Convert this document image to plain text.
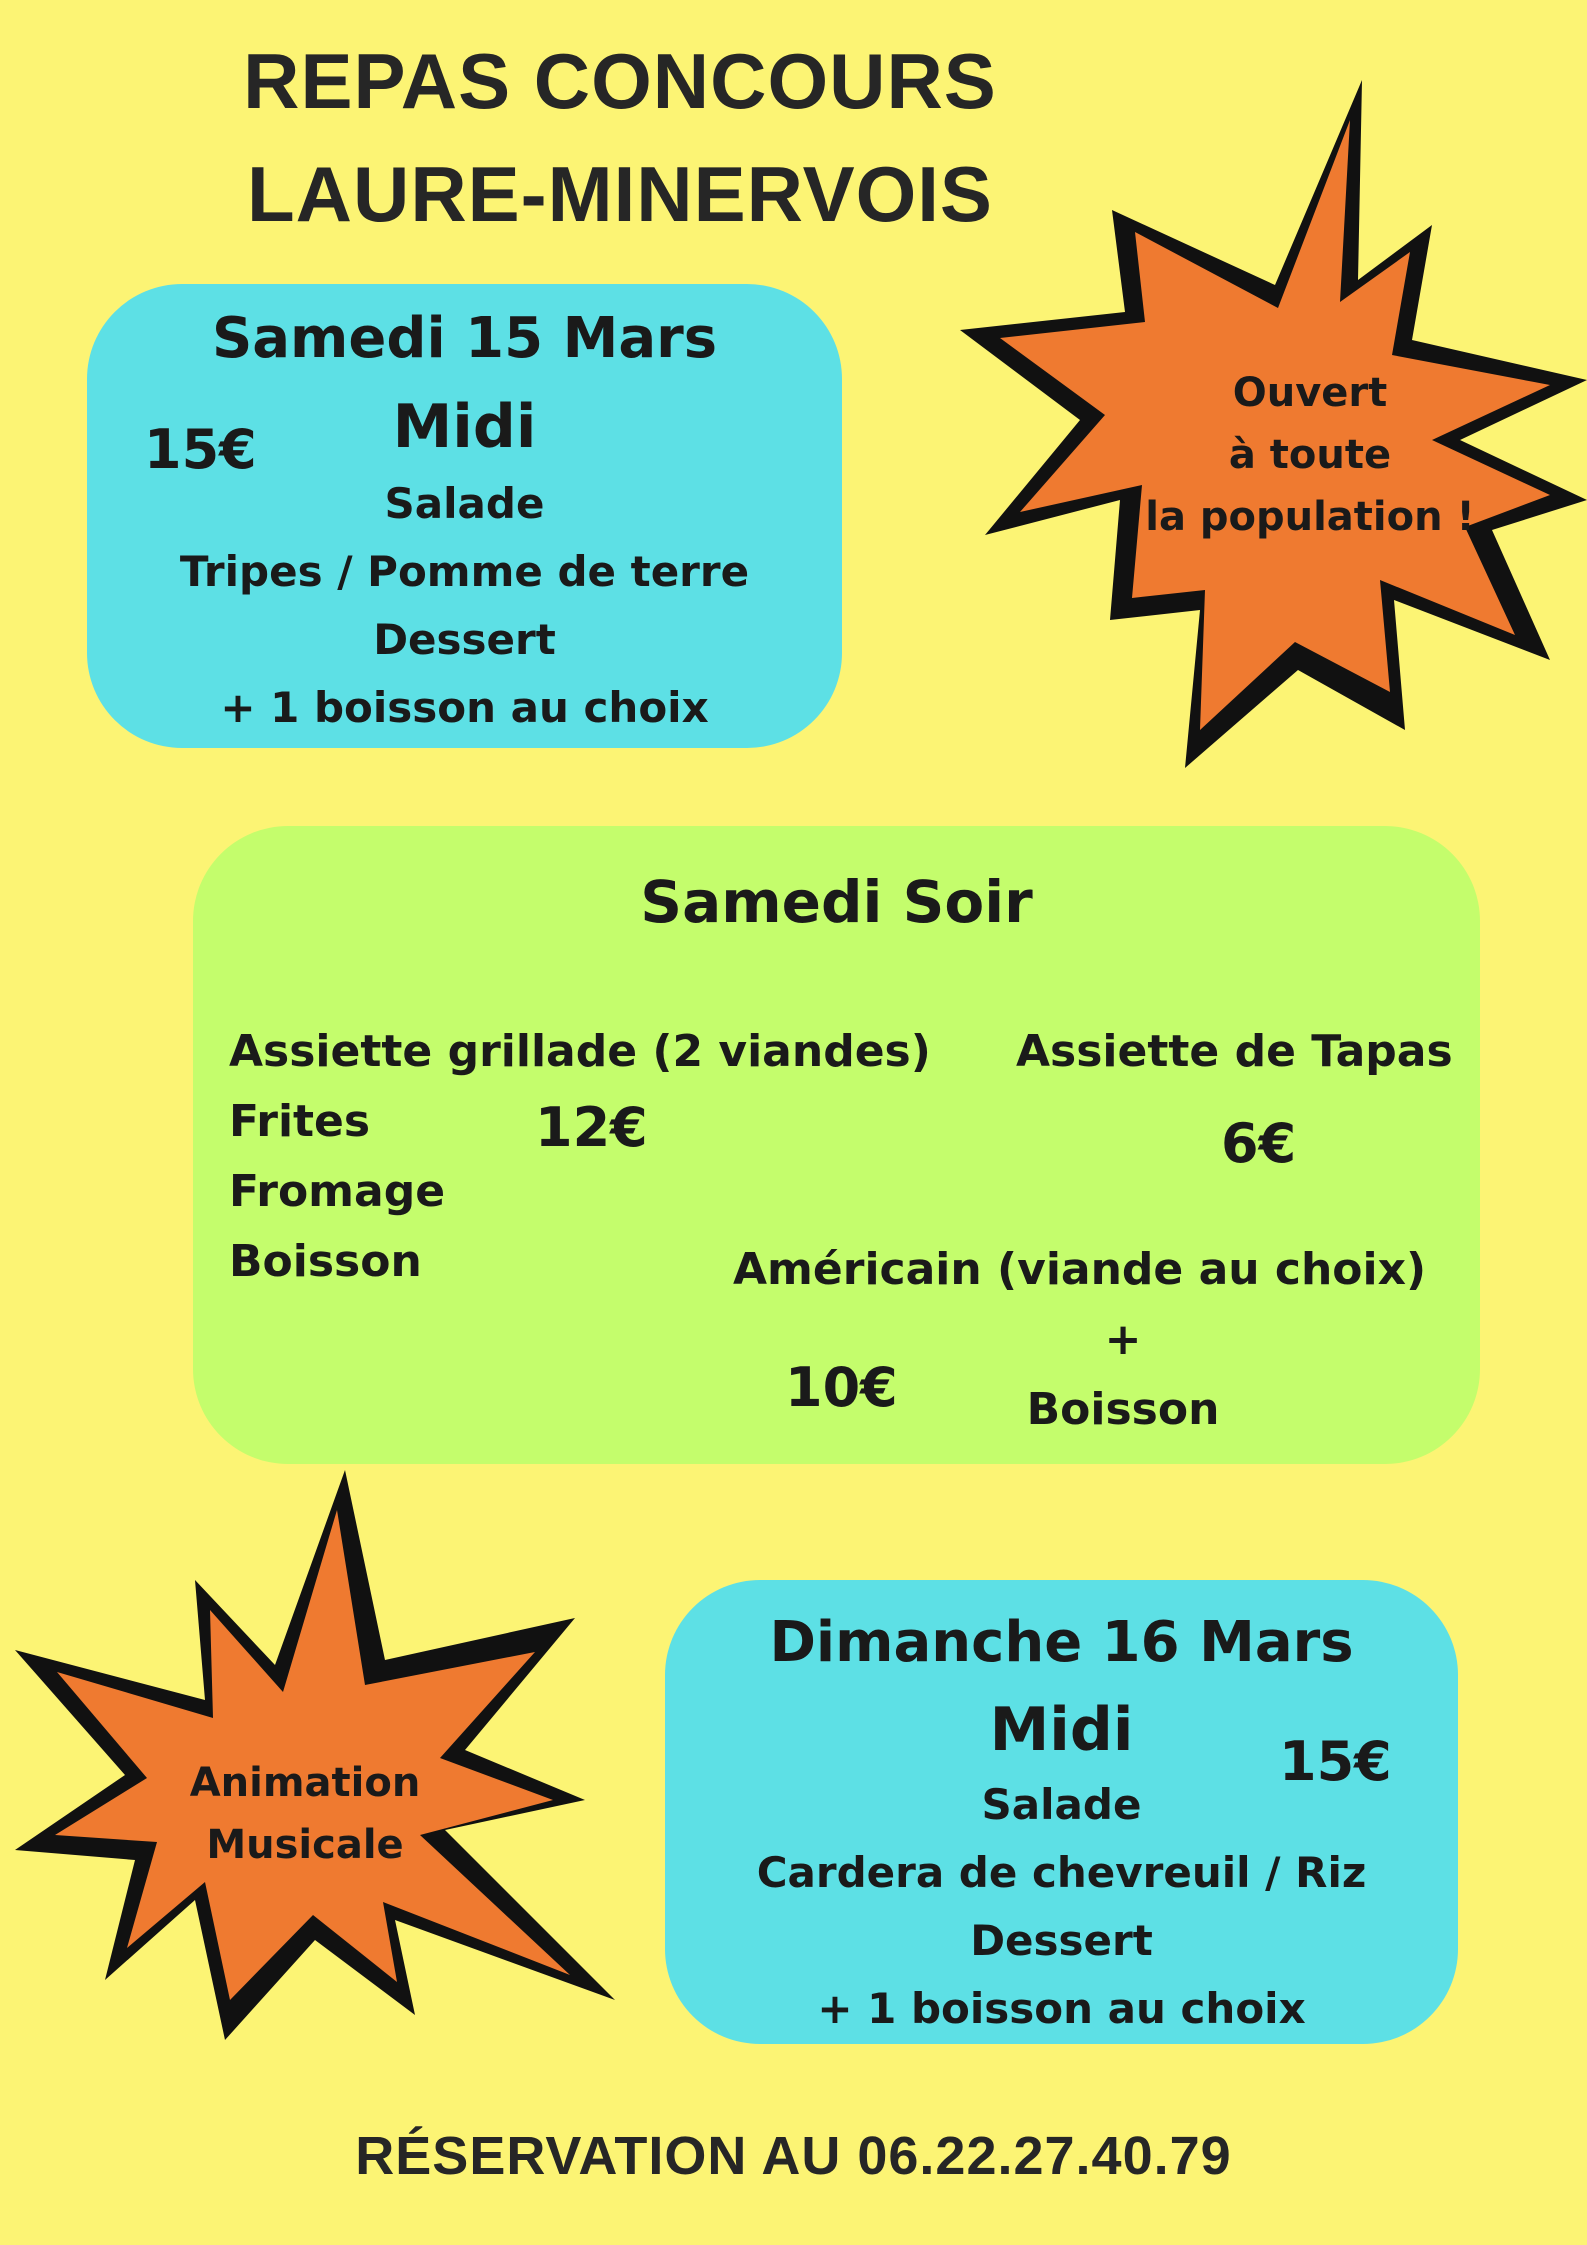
REPAS CONCOURS
LAURE-MINERVOIS
Samedi 15 Mars
Midi
15€
Salade
Tripes / Pomme de terre
Dessert
+ 1 boisson au choix
Ouvert
à toute
la population !
Samedi Soir
Assiette grillade (2 viandes)
Frites
Fromage
Boisson
12€
Assiette de Tapas
6€
Américain (viande au choix)
+
Boisson
10€
Animation
Musicale
Dimanche 16 Mars
Midi	15€
Salade
Cardera de chevreuil / Riz
Dessert
+ 1 boisson au choix
RÉSERVATION AU 06.22.27.40.79
